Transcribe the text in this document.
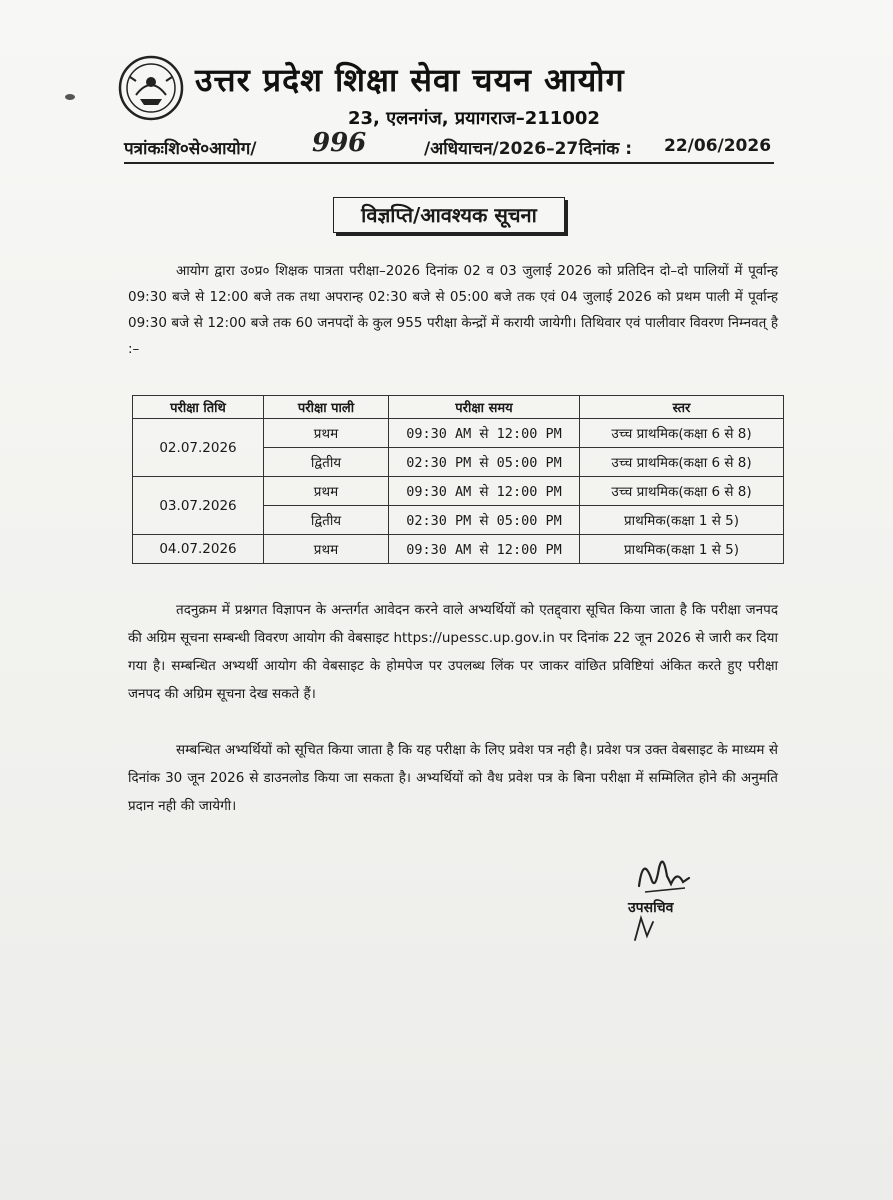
उत्तर प्रदेश शिक्षा सेवा चयन आयोग
23, एलनगंज, प्रयागराज–211002
पत्रांकःशि०से०आयोग/ 996	/अधियाचन/2026–27 दिनांक : 22/06/2026
विज्ञप्ति/आवश्यक सूचना

आयोग द्वारा उ०प्र० शिक्षक पात्रता परीक्षा–2026 दिनांक 02 व 03 जुलाई 2026 को प्रतिदिन दो–दो पालियों में पूर्वान्ह 09:30 बजे से 12:00 बजे तक तथा अपरान्ह 02:30 बजे से 05:00 बजे तक एवं 04 जुलाई 2026 को प्रथम पाली में पूर्वान्ह 09:30 बजे से 12:00 बजे तक 60 जनपदों के कुल 955 परीक्षा केन्द्रों में करायी जायेगी। तिथिवार एवं पालीवार विवरण निम्नवत् है :–

परीक्षा तिथि	परीक्षा पाली	परीक्षा समय	स्तर
02.07.2026	प्रथम	09:30 AM से 12:00 PM	उच्च प्राथमिक(कक्षा 6 से 8)
	द्वितीय	02:30 PM से 05:00 PM	उच्च प्राथमिक(कक्षा 6 से 8)
03.07.2026	प्रथम	09:30 AM से 12:00 PM	उच्च प्राथमिक(कक्षा 6 से 8)
	द्वितीय	02:30 PM से 05:00 PM	प्राथमिक(कक्षा 1 से 5)
04.07.2026	प्रथम	09:30 AM से 12:00 PM	प्राथमिक(कक्षा 1 से 5)

तदनुक्रम में प्रश्नगत विज्ञापन के अन्तर्गत आवेदन करने वाले अभ्यर्थियों को एतद्द्वारा सूचित किया जाता है कि परीक्षा जनपद की अग्रिम सूचना सम्बन्धी विवरण आयोग की वेबसाइट https://upessc.up.gov.in पर दिनांक 22 जून 2026 से जारी कर दिया गया है। सम्बन्धित अभ्यर्थी आयोग की वेबसाइट के होमपेज पर उपलब्ध लिंक पर जाकर वांछित प्रविष्टियां अंकित करते हुए परीक्षा जनपद की अग्रिम सूचना देख सकते हैं।

सम्बन्धित अभ्यर्थियों को सूचित किया जाता है कि यह परीक्षा के लिए प्रवेश पत्र नही है। प्रवेश पत्र उक्त वेबसाइट के माध्यम से दिनांक 30 जून 2026 से डाउनलोड किया जा सकता है। अभ्यर्थियों को वैध प्रवेश पत्र के बिना परीक्षा में सम्मिलित होने की अनुमति प्रदान नही की जायेगी।

उपसचिव
